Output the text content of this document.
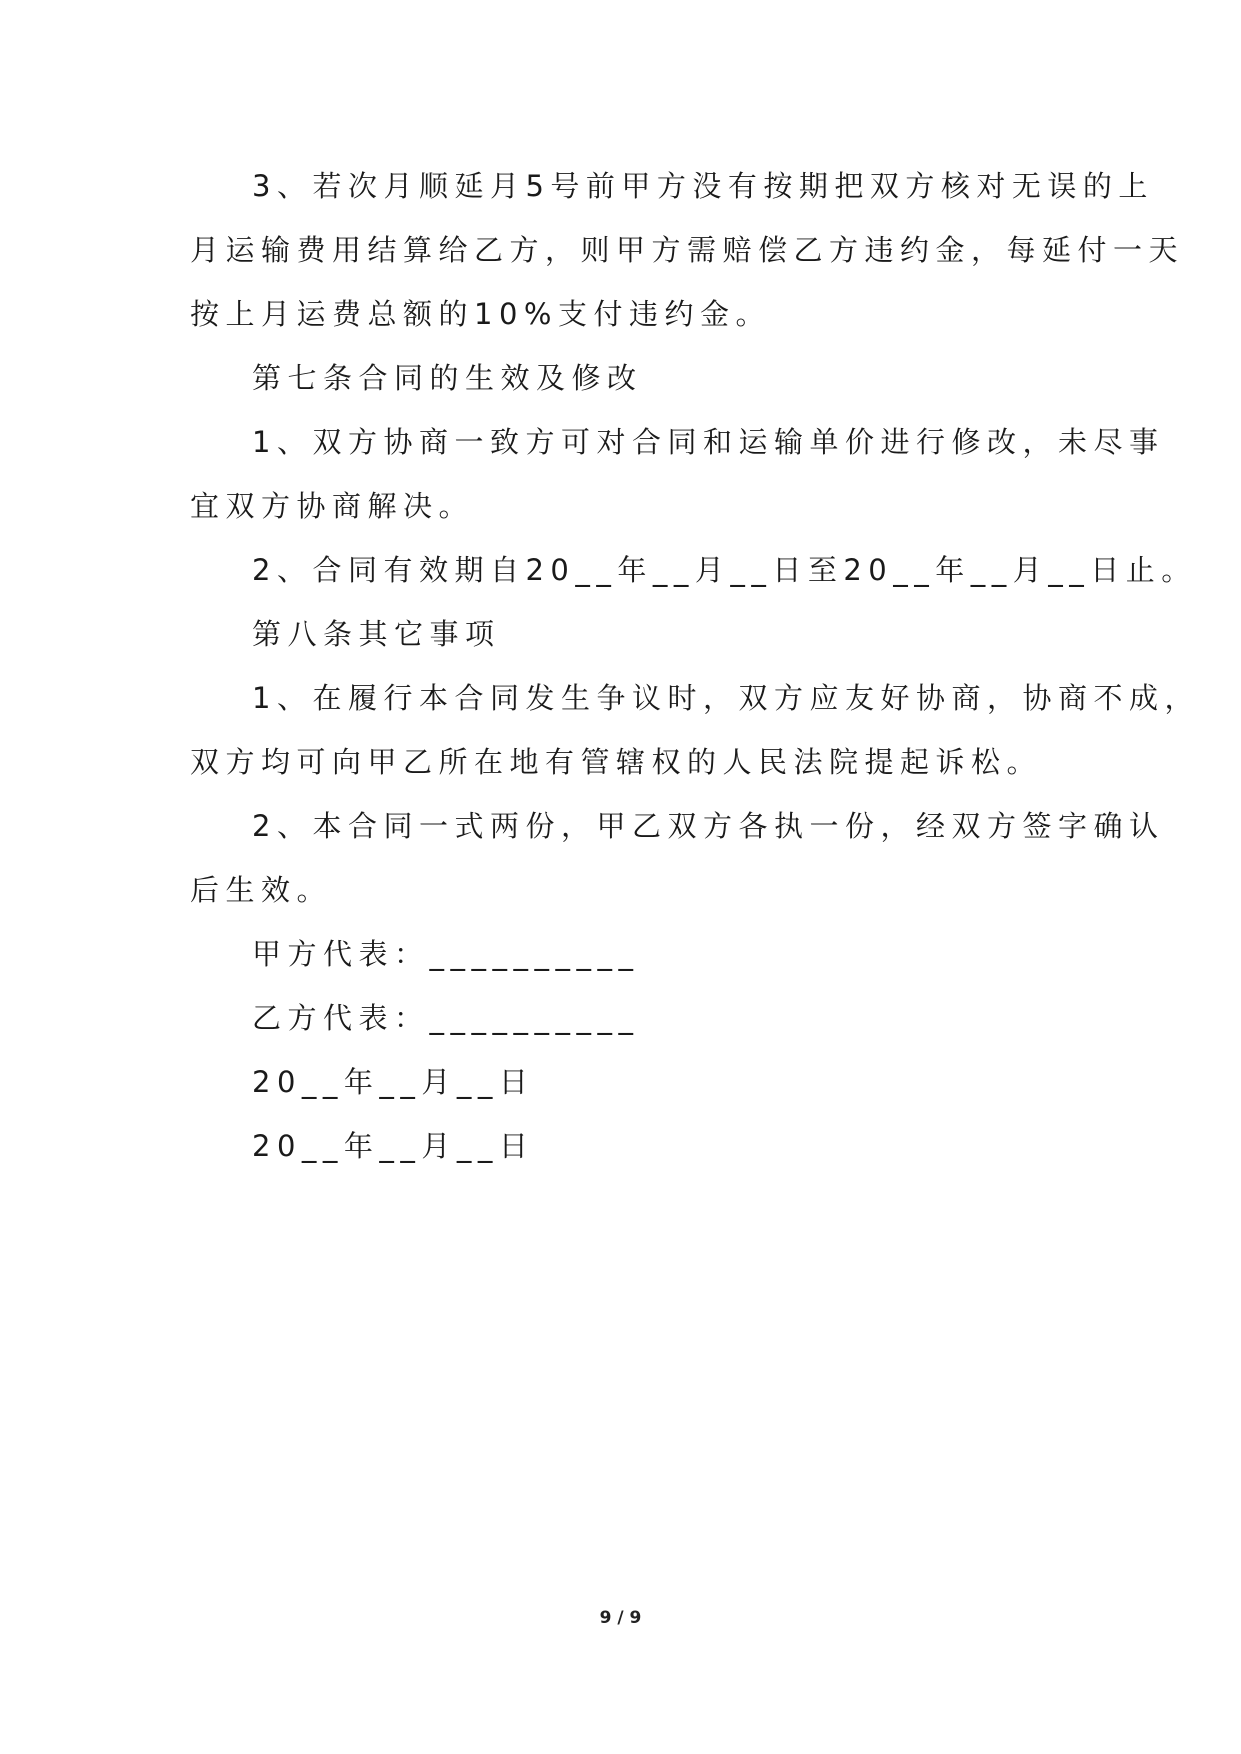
3、若次月顺延月5号前甲方没有按期把双方核对无误的上
月运输费用结算给乙方，则甲方需赔偿乙方违约金，每延付一天
按上月运费总额的10%支付违约金。
第七条合同的生效及修改
1、双方协商一致方可对合同和运输单价进行修改，未尽事
宜双方协商解决。
2、合同有效期自20__年__月__日至20__年__月__日止。
第八条其它事项
1、在履行本合同发生争议时，双方应友好协商，协商不成，
双方均可向甲乙所在地有管辖权的人民法院提起诉松。
2、本合同一式两份，甲乙双方各执一份，经双方签字确认
后生效。
甲方代表：__________
乙方代表：__________
20__年__月__日
20__年__月__日
9 / 9
